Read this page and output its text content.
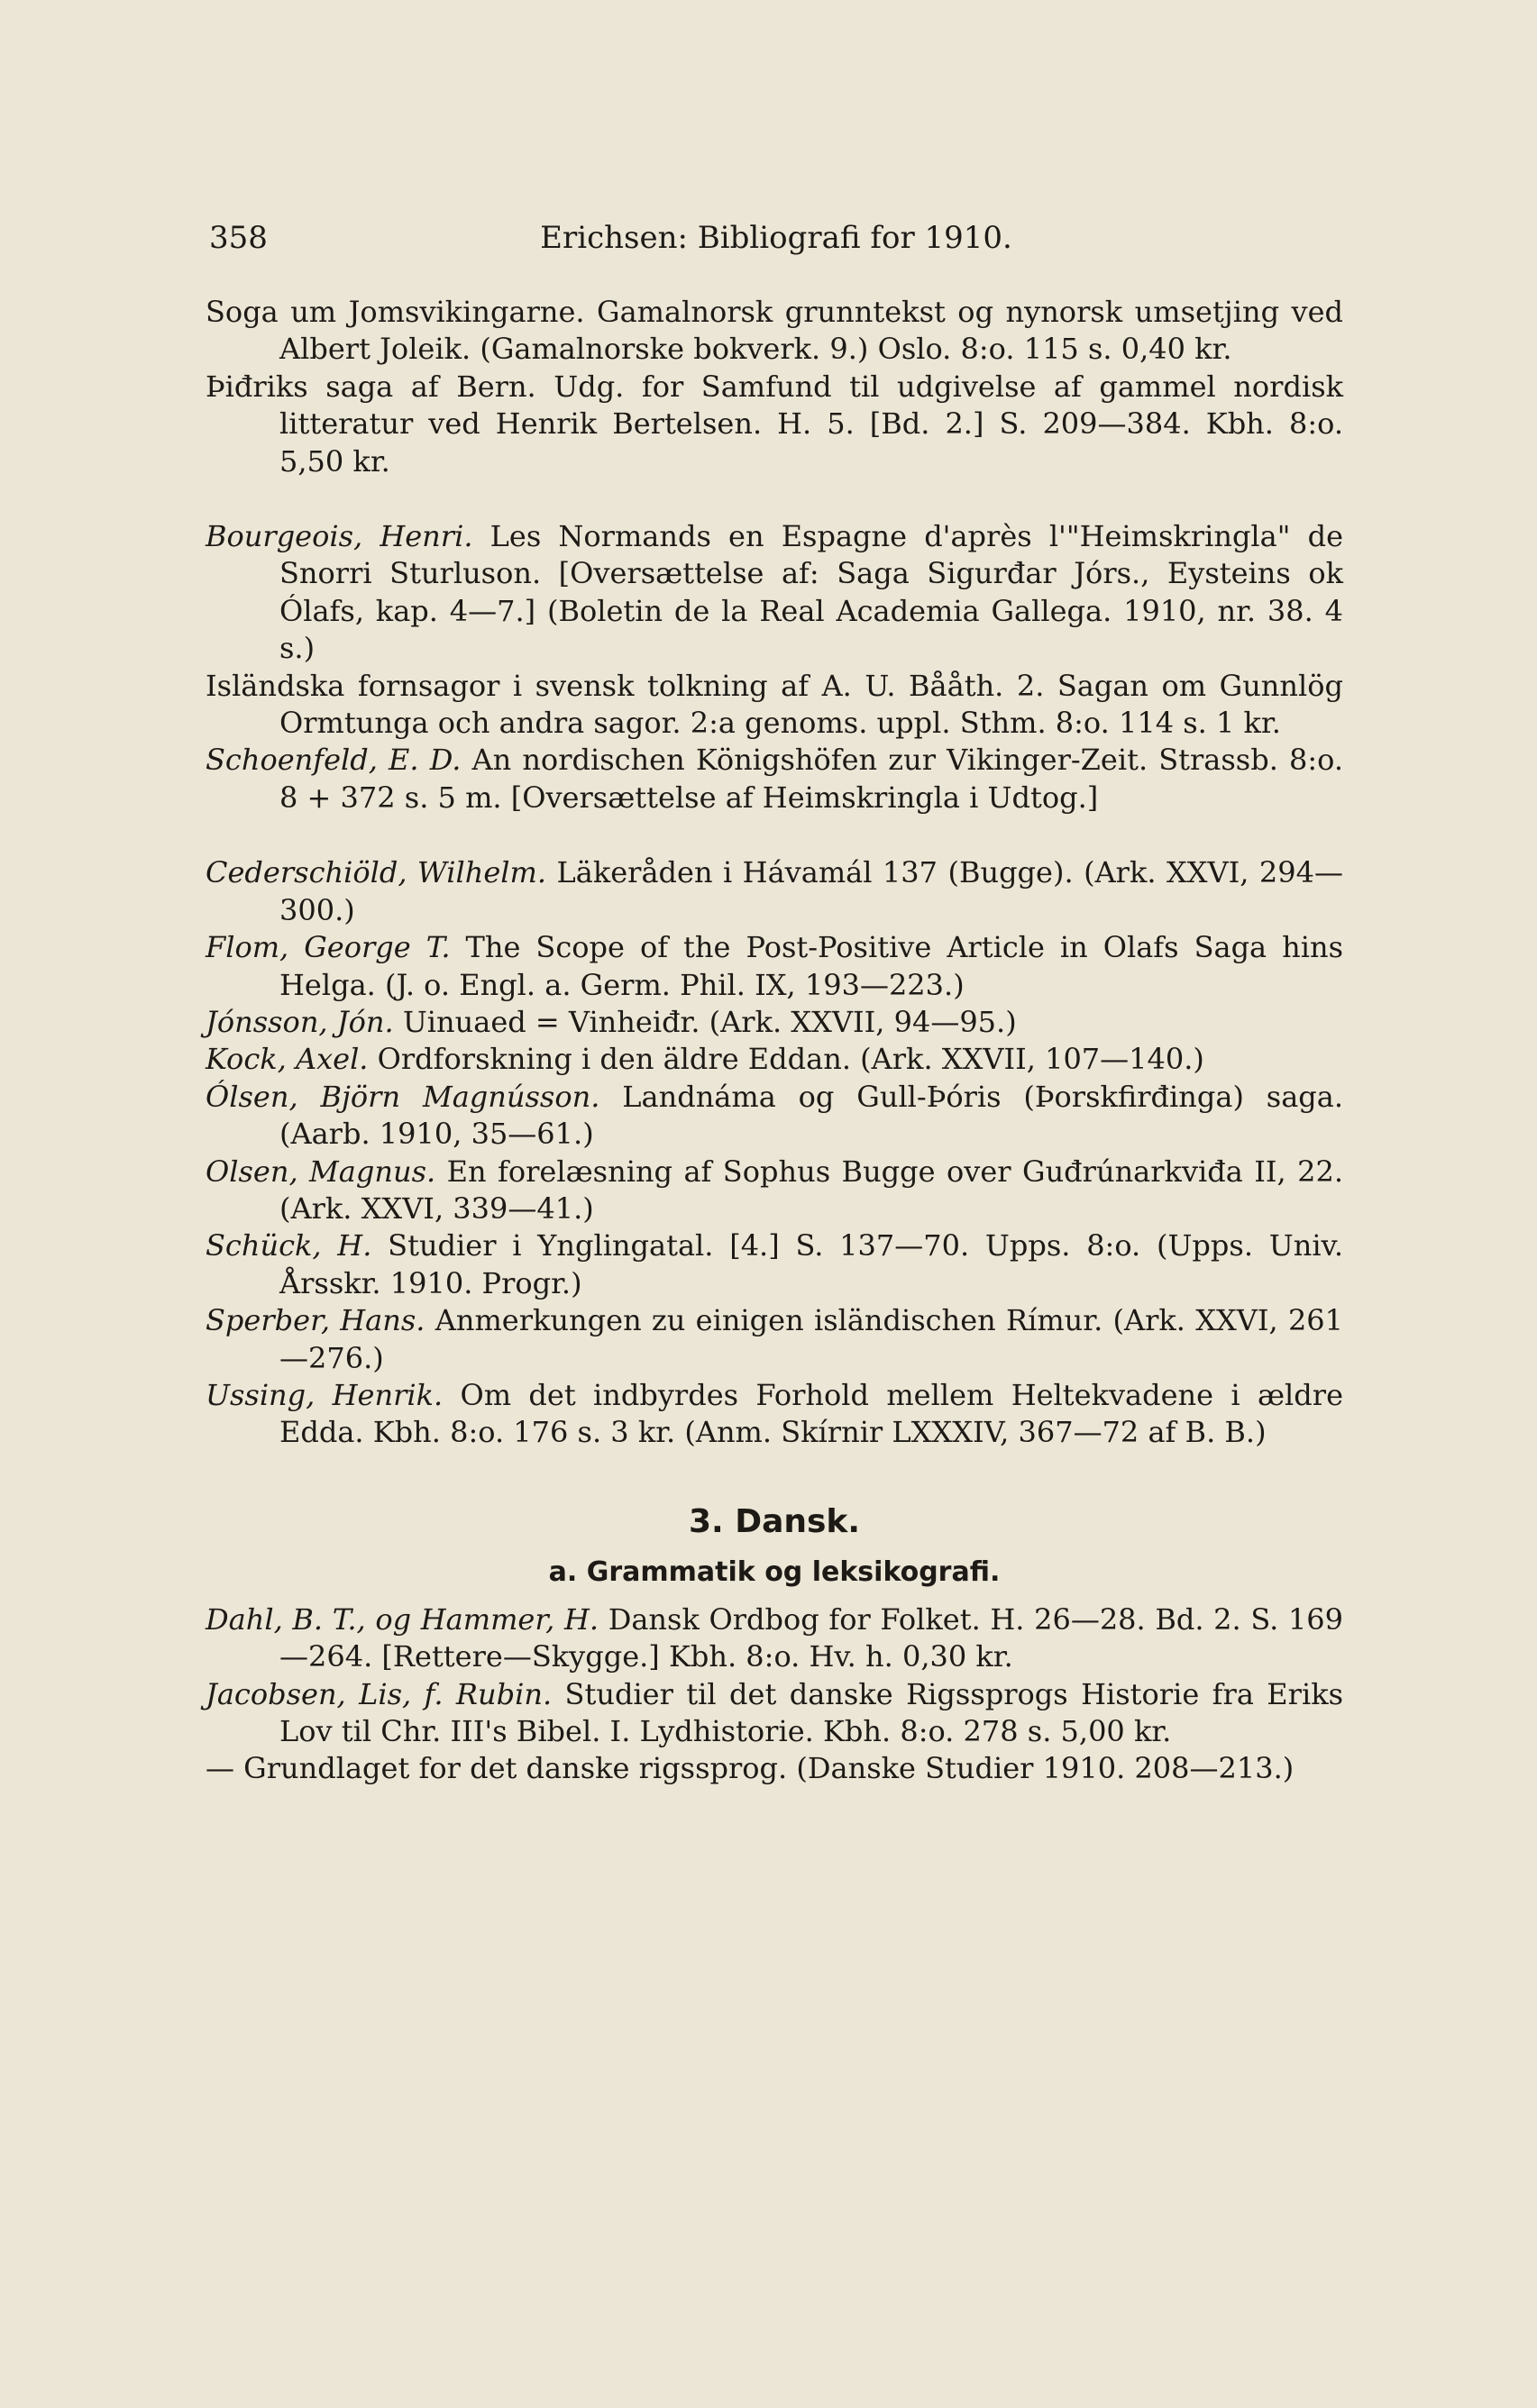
358	Erichsen: Bibliografi for 1910.
Soga um Jomsvikingarne. Gamalnorsk grunntekst og nynorsk umsetjing ved Albert Joleik. (Gamalnorske bokverk. 9.) Oslo. 8:o. 115 s. 0,40 kr.
Þiđriks saga af Bern. Udg. for Samfund til udgivelse af gammel nordisk litteratur ved Henrik Bertelsen. H. 5. [Bd. 2.] S. 209—384. Kbh. 8:o. 5,50 kr.
Bourgeois, Henri. Les Normands en Espagne d'après l'"Heimskringla" de Snorri Sturluson. [Oversættelse af: Saga Sigurđar Jórs., Eysteins ok Ólafs, kap. 4—7.] (Boletin de la Real Academia Gallega. 1910, nr. 38. 4 s.)
Isländska fornsagor i svensk tolkning af A. U. Bååth. 2. Sagan om Gunnlög Ormtunga och andra sagor. 2:a genoms. uppl. Sthm. 8:o. 114 s. 1 kr.
Schoenfeld, E. D. An nordischen Königshöfen zur Vikinger-Zeit. Strassb. 8:o. 8 + 372 s. 5 m. [Oversættelse af Heimskringla i Udtog.]
Cederschiöld, Wilhelm. Läkeråden i Hávamál 137 (Bugge). (Ark. XXVI, 294—300.)
Flom, George T. The Scope of the Post-Positive Article in Olafs Saga hins Helga. (J. o. Engl. a. Germ. Phil. IX, 193—223.)
Jónsson, Jón. Uinuaed = Vinheiđr. (Ark. XXVII, 94—95.)
Kock, Axel. Ordforskning i den äldre Eddan. (Ark. XXVII, 107—140.)
Ólsen, Björn Magnússon. Landnáma og Gull-Þóris (Þorskfirđinga) saga. (Aarb. 1910, 35—61.)
Olsen, Magnus. En forelæsning af Sophus Bugge over Guđrúnarkviđa II, 22. (Ark. XXVI, 339—41.)
Schück, H. Studier i Ynglingatal. [4.] S. 137—70. Upps. 8:o. (Upps. Univ. Årsskr. 1910. Progr.)
Sperber, Hans. Anmerkungen zu einigen isländischen Rímur. (Ark. XXVI, 261—276.)
Ussing, Henrik. Om det indbyrdes Forhold mellem Heltekvadene i ældre Edda. Kbh. 8:o. 176 s. 3 kr. (Anm. Skírnir LXXXIV, 367—72 af B. B.)
3. Dansk.
a. Grammatik og leksikografi.
Dahl, B. T., og Hammer, H. Dansk Ordbog for Folket. H. 26—28. Bd. 2. S. 169—264. [Rettere—Skygge.] Kbh. 8:o. Hv. h. 0,30 kr.
Jacobsen, Lis, f. Rubin. Studier til det danske Rigssprogs Historie fra Eriks Lov til Chr. III's Bibel. I. Lydhistorie. Kbh. 8:o. 278 s. 5,00 kr.
— Grundlaget for det danske rigssprog. (Danske Studier 1910. 208—213.)
